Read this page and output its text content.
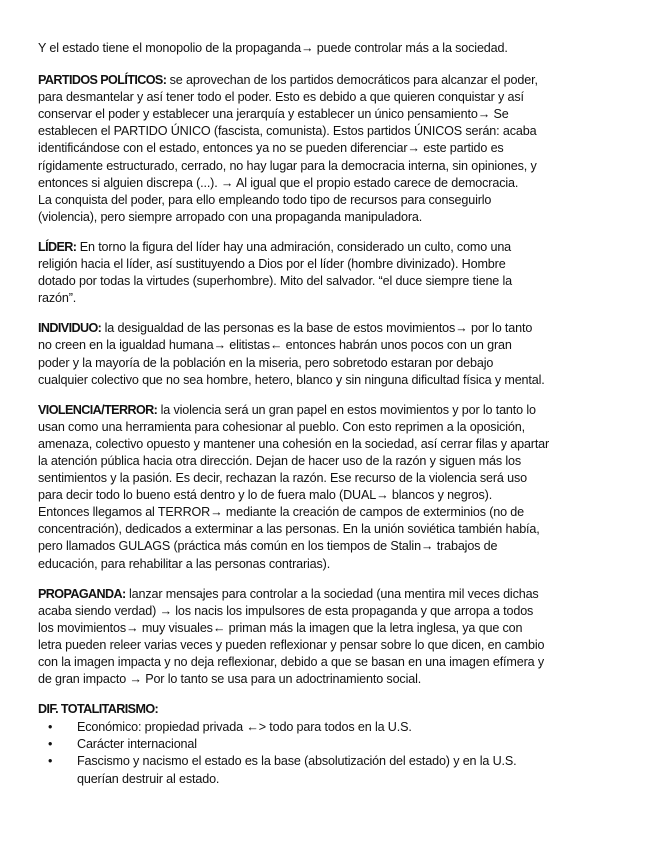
Y el estado tiene el monopolio de la propaganda→ puede controlar más a la sociedad.

PARTIDOS POLÍTICOS: se aprovechan de los partidos democráticos para alcanzar el poder,
para desmantelar y así tener todo el poder. Esto es debido a que quieren conquistar y así
conservar el poder y establecer una jerarquía y establecer un único pensamiento→ Se
establecen el PARTIDO ÚNICO (fascista, comunista). Estos partidos ÚNICOS serán: acaba
identificándose con el estado, entonces ya no se pueden diferenciar→ este partido es
rígidamente estructurado, cerrado, no hay lugar para la democracia interna, sin opiniones, y
entonces si alguien discrepa (...). → Al igual que el propio estado carece de democracia.
La conquista del poder, para ello empleando todo tipo de recursos para conseguirlo
(violencia), pero siempre arropado con una propaganda manipuladora.

LÍDER: En torno la figura del líder hay una admiración, considerado un culto, como una
religión hacia el líder, así sustituyendo a Dios por el líder (hombre divinizado). Hombre
dotado por todas la virtudes (superhombre). Mito del salvador. “el duce siempre tiene la
razón”.

INDIVIDUO: la desigualdad de las personas es la base de estos movimientos→ por lo tanto
no creen en la igualdad humana→ elitistas← entonces habrán unos pocos con un gran
poder y la mayoría de la población en la miseria, pero sobretodo estaran por debajo
cualquier colectivo que no sea hombre, hetero, blanco y sin ninguna dificultad física y mental.

VIOLENCIA/TERROR: la violencia será un gran papel en estos movimientos y por lo tanto lo
usan como una herramienta para cohesionar al pueblo. Con esto reprimen a la oposición,
amenaza, colectivo opuesto y mantener una cohesión en la sociedad, así cerrar filas y apartar
la atención pública hacia otra dirección. Dejan de hacer uso de la razón y siguen más los
sentimientos y la pasión. Es decir, rechazan la razón. Ese recurso de la violencia será uso
para decir todo lo bueno está dentro y lo de fuera malo (DUAL→ blancos y negros).
Entonces llegamos al TERROR→ mediante la creación de campos de exterminios (no de
concentración), dedicados a exterminar a las personas. En la unión soviética también había,
pero llamados GULAGS (práctica más común en los tiempos de Stalin→ trabajos de
educación, para rehabilitar a las personas contrarias).

PROPAGANDA: lanzar mensajes para controlar a la sociedad (una mentira mil veces dichas
acaba siendo verdad) → los nacis los impulsores de esta propaganda y que arropa a todos
los movimientos→ muy visuales← priman más la imagen que la letra inglesa, ya que con
letra pueden releer varias veces y pueden reflexionar y pensar sobre lo que dicen, en cambio
con la imagen impacta y no deja reflexionar, debido a que se basan en una imagen efímera y
de gran impacto → Por lo tanto se usa para un adoctrinamiento social.

DIF. TOTALITARISMO:
• Económico: propiedad privada ←> todo para todos en la U.S.
• Carácter internacional
• Fascismo y nacismo el estado es la base (absolutización del estado) y en la U.S.
querían destruir al estado.
